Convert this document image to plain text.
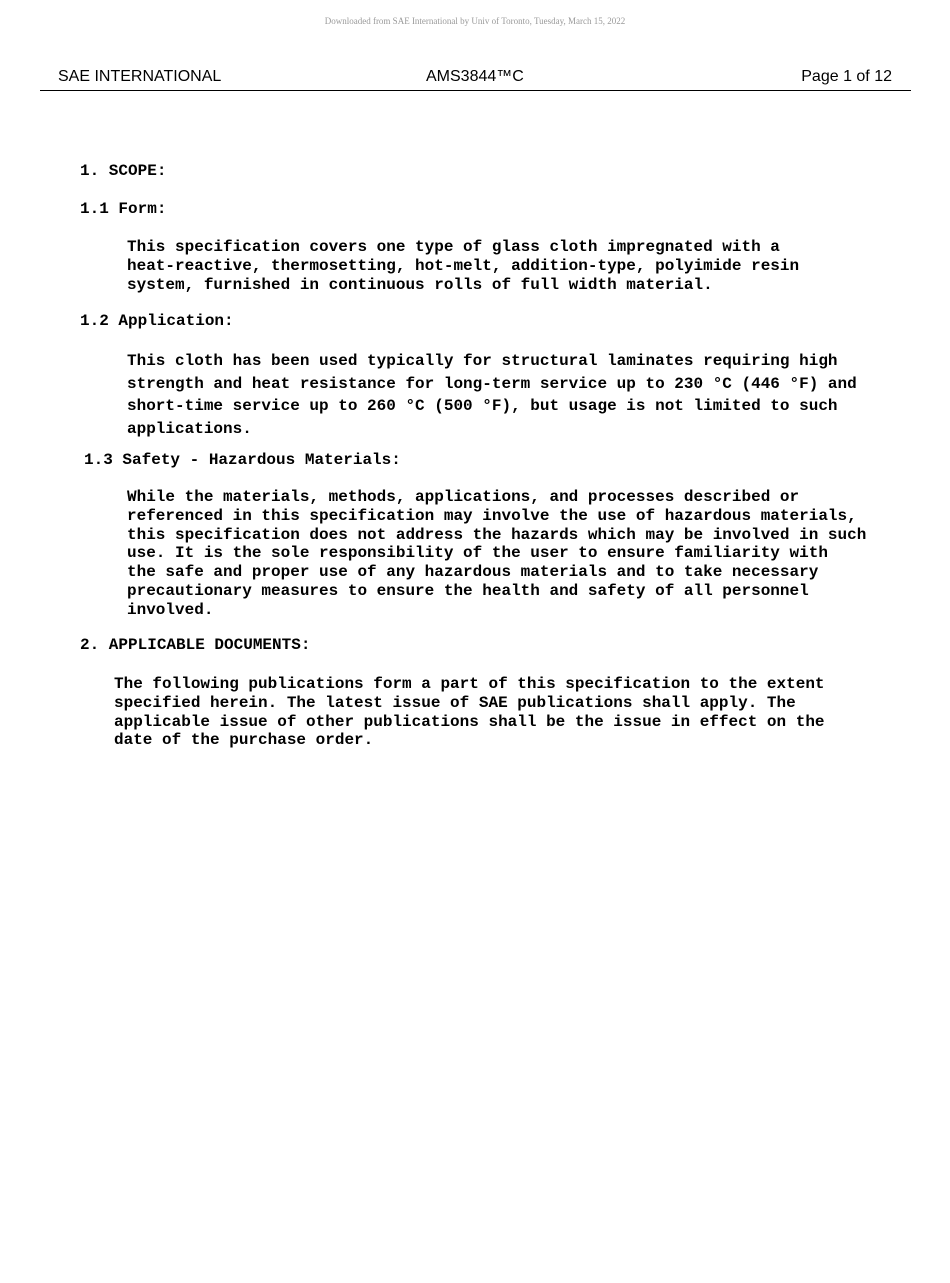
Downloaded from SAE International by Univ of Toronto, Tuesday, March 15, 2022
SAE INTERNATIONAL	AMS3844™C	Page 1 of 12
1. SCOPE:
1.1 Form:
This specification covers one type of glass cloth impregnated with a
heat-reactive, thermosetting, hot-melt, addition-type, polyimide resin
system, furnished in continuous rolls of full width material.
1.2 Application:
This cloth has been used typically for structural laminates requiring high
strength and heat resistance for long-term service up to 230 °C (446 °F) and
short-time service up to 260 °C (500 °F), but usage is not limited to such
applications.
1.3 Safety - Hazardous Materials:
While the materials, methods, applications, and processes described or
referenced in this specification may involve the use of hazardous materials,
this specification does not address the hazards which may be involved in such
use. It is the sole responsibility of the user to ensure familiarity with
the safe and proper use of any hazardous materials and to take necessary
precautionary measures to ensure the health and safety of all personnel
involved.
2. APPLICABLE DOCUMENTS:
The following publications form a part of this specification to the extent
specified herein. The latest issue of SAE publications shall apply. The
applicable issue of other publications shall be the issue in effect on the
date of the purchase order.
